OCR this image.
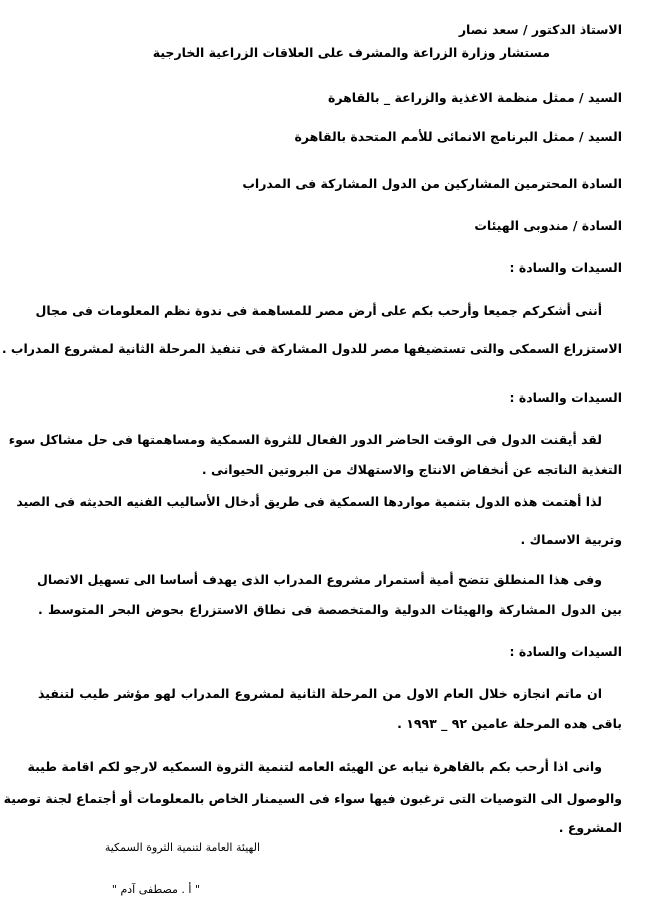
الاستاذ الدكتور / سعد نصار
مستشار وزارة الزراعة والمشرف على العلاقات الزراعية الخارجية
السيد / ممثل منظمة الاغذية والزراعة _ بالقاهرة
السيد / ممثل البرنامج الانمائى للأمم المتحدة بالقاهرة
السادة المحترمين المشاركين من الدول المشاركة فى المدراب
السادة / مندوبى الهيئات
السيدات والسادة :
أننى أشكركم جميعا وأرحب بكم على أرض مصر للمساهمة فى ندوة نظم المعلومات فى مجال
الاستزراع السمكى والتى تستضيفها مصر للدول المشاركة فى تنفيذ المرحلة الثانية لمشروع المدراب .
السيدات والسادة :
لقد أيقنت الدول فى الوقت الحاضر الدور الفعال للثروة السمكية ومساهمتها فى حل مشاكل سوء
التغذية الناتجه عن أنخفاض الانتاج والاستهلاك من البروتين الحيوانى .
لذا أهتمت هذه الدول بتنمية مواردها السمكية فى طريق أدخال الأساليب الفنيه الحديثه فى الصيد
وتربية الاسماك .
وفى هذا المنطلق تتضح أمية أستمرار مشروع المدراب الذى يهدف أساسا الى تسهيل الاتصال
بين الدول المشاركة والهيئات الدولية والمتخصصة فى نطاق الاستزراع بحوض البحر المتوسط .
السيدات والسادة :
ان ماتم انجازه خلال العام الاول من المرحلة الثانية لمشروع المدراب لهو مؤشر طيب لتنفيذ
باقى هده المرحلة عامين ٩٢ _ ١٩٩٣ .
وانى اذا أرحب بكم بالقاهرة نيابه عن الهيئه العامه لتنمية الثروة السمكيه لارجو لكم اقامة طيبة
والوصول الى التوصيات التى ترغبون فيها سواء فى السيمنار الخاص بالمعلومات أو أجتماع لجنة توصية
المشروع .
الهيئة العامة لتنمية الثروة السمكية
" أ . مصطفى آدم "
